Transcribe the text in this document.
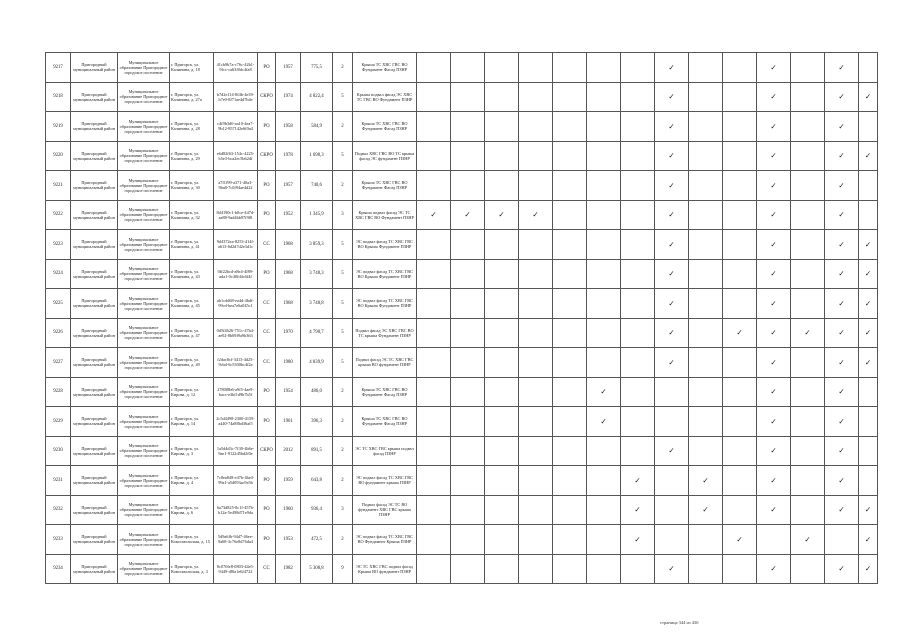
9217	Пригородный муниципальный район	Муниципальное образование Пригородное городское поселение	г. Пригорск, ул. Калинина, д. 18	41cb9b7a-c76c-42b1-9fcc-ca63f0dc4fa8	РО	1957	775,5	2	Крыша ТС ХВС ГВС ВО Фундамент Фасад ПЗНР								✓			✓		✓	
9218	Пригородный муниципальный район	Муниципальное образование Пригородное городское поселение	г. Пригорск, ул. Калинина, д. 27а	b7d2e114-8f4b-4e39-b7e0-8f71ae4d7b4e	СКРО	1974	4 822,4	5	Крыша подвал фасад ЭС ХВС ТС ГВС ВО Фундамент ПЗНР								✓			✓		✓	✓
9219	Пригородный муниципальный район	Муниципальное образование Пригородное городское поселение	г. Пригорск, ул. Калинина, д. 28	c4f9b3d0-aa10-4ea7-9b12-857142e6f0a4	РО	1958	584,9	2	Крыша ТС ХВС ГВС ВО Фундамент Фасад ПЗНР								✓			✓		✓	
9220	Пригородный муниципальный район	Муниципальное образование Пригородное городское поселение	г. Пригорск, ул. Калинина, д. 29	e6d82f63-154c-4225-b5e3-bca2ec5b62df	СКРО	1978	1 698,3	5	Подвал ХВС ГВС ВО ТС крыша фасад ЭС фундамент ПЗНР								✓			✓		✓	✓
9221	Пригородный муниципальный район	Муниципальное образование Пригородное городское поселение	г. Пригорск, ул. Калинина, д. 30	a7f1f99-a371-40a3-9ba8-7c0f94ae4d22	РО	1957	740,6	2	Крыша ТС ХВС ГВС ВО Фундамент Фасад ПЗНР								✓			✓		✓	
9222	Пригородный муниципальный район	Муниципальное образование Пригородное городское поселение	г. Пригорск, ул. Калинина, д. 32	8d4190c1-b0ce-447d-ae88-9ad4bb97f9f8	РО	1952	1 345,9	3	Крыша подвал фасад ЭС ТС ХВС ГВС ВО Фундамент ПЗНР	✓	✓	✓	✓				✓			✓		✓	
9223	Пригородный муниципальный район	Муниципальное образование Пригородное городское поселение	г. Пригорск, ул. Калинина, д. 41	9d4372ea-8253-414f-a613-6d2d7d2e3d1c	СС	1968	3 859,3	5	ЭС подвал фасад ТС ХВС ГВС ВО Крыша Фундамент ПЗНР								✓			✓		✓	✓
9224	Пригородный муниципальный район	Муниципальное образование Пригородное городское поселение	г. Пригорск, ул. Калинина, д. 43	0ff22bcd-a8e4-4f89-ada1-0c40fd4c6f4f	РО	1968	3 748,3	5	ЭС подвал фасад ТС ХВС ГВС ВО Крыша Фундамент ПЗНР								✓			✓		✓	✓
9225	Пригородный муниципальный район	Муниципальное образование Пригородное городское поселение	г. Пригорск, ул. Калинина, д. 45	ab1cdd68-ea4d-4bdf-99cd-bea7e6a045c1	СС	1968	3 748,8	5	ЭС подвал фасад ТС ХВС ГВС ВО Крыша Фундамент ПЗНР								✓			✓		✓	✓
9226	Пригородный муниципальный район	Муниципальное образование Пригородное городское поселение	г. Пригорск, ул. Калинина, д. 47	0d5f4626-751c-47b4-ae02-8b69f9a9b363	СС	1970	4 790,7	5	Подвал фасад ЭС ХВС ГВС ВО ТС крыша Фундамент ПЗНР								✓		✓	✓	✓	✓	✓
9227	Пригородный муниципальный район	Муниципальное образование Пригородное городское поселение	г. Пригорск, ул. Калинина, д. 49	f2dac8cf-3413-4d25-9cbd-6c5300bc4f2a	СС	1980	4 839,9	5	Подвал фасад ЭС ТС ХВС ГВС крыша ВО фундамент ПЗНР								✓			✓		✓	✓
9228	Пригородный муниципальный район	Муниципальное образование Пригородное городское поселение	г. Пригорск, ул. Кирова, д. 12	2780f8b6-a9f5-4ae9-bacc-e3bf1d9b7b5f	РО	1954	486,0	2	Крыша ТС ХВС ГВС ВО Фундамент Фасад ПЗНР						✓					✓		✓	
9229	Пригородный муниципальный район	Муниципальное образование Пригородное городское поселение	г. Пригорск, ул. Кирова, д. 14	2c5d4498-2300-4159-a440-74a88bd36af5	РО	1961	396,3	2	Крыша ТС ХВС ГВС ВО Фундамент Фасад ПЗНР						✓					✓		✓	
9230	Пригородный муниципальный район	Муниципальное образование Пригородное городское поселение	г. Пригорск, ул. Кирова, д. 3	1a5d4d3c-7f30-4b6e-9ae1-9122d5bd2f0e	СКРО	2012	891,5	2	ЭС ТС ХВС ГВС крыша подвал фасад ПЗНР								✓			✓		✓	
9231	Пригородный муниципальный район	Муниципальное образование Пригородное городское поселение	г. Пригорск, ул. Кирова, д. 4	7c8ea848-e47b-4be4-99a1-a5d093ac9e5b	РО	1959	643,8	2	ЭС подвал фасад ТС ХВС ГВС ВО фундамент крыша ПЗНР							✓		✓		✓		✓	
9232	Пригородный муниципальный район	Муниципальное образование Пригородное городское поселение	г. Пригорск, ул. Кирова, д. 6	6a73d825-8c1f-457b-b12a-5e498d71e9da	РО	1960	936,4	3	Подвал фасад ЭС ТС ВО фундамент ХВС ГВС крыша ПЗНР							✓		✓		✓		✓	✓
9233	Пригородный муниципальный район	Муниципальное образование Пригородное городское поселение	г. Пригорск, ул. Комсомольская, д. 15	5d9a6fb-94d7-46ee-9a68-3c76e8d76da4	РО	1953	472,5	2	ЭС подвал фасад ТС ХВС ГВС ВО Фундамент Крыша ПЗНР							✓			✓		✓		✓
9234	Пригородный муниципальный район	Муниципальное образование Пригородное городское поселение	г. Пригорск, ул. Комсомольская, д. 3	8c070fe8-0803-44e5-9449-d8fa1e6f4722	СС	1982	5 308,8	9	ЭС ТС ХВС ГВС подвал фасад Крыша ВО фундамент ПЗНР								✓			✓		✓	✓
страница 344 из 430
